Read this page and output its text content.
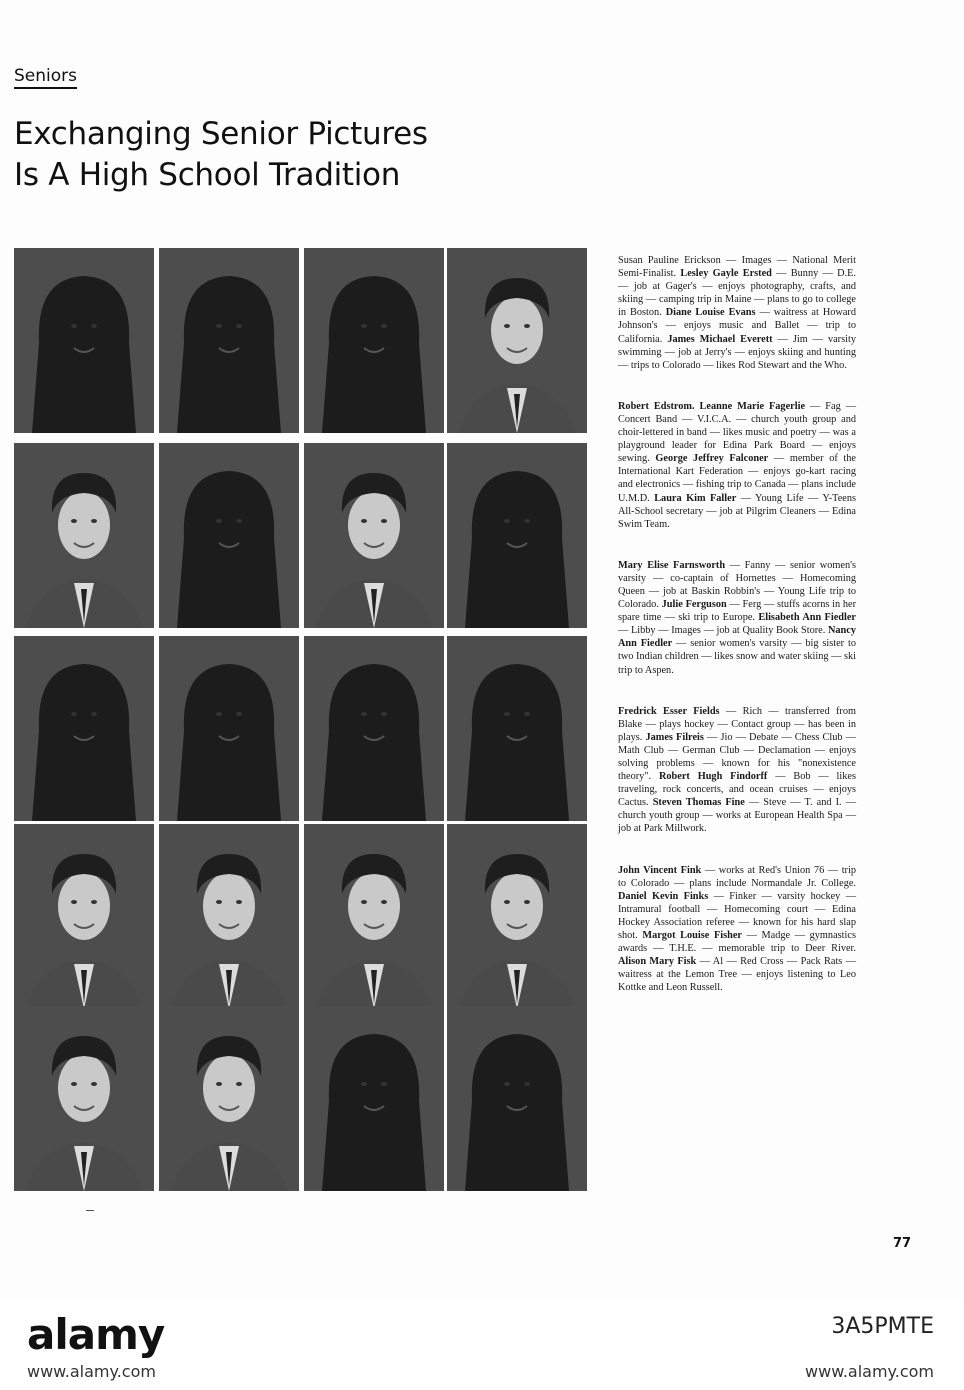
Seniors
Exchanging Senior Pictures Is A High School Tradition

Susan Pauline Erickson — Images — National Merit Semi-Finalist. Lesley Gayle Ersted — Bunny — D.E. — job at Gager's — enjoys photography, crafts, and skiing — camping trip in Maine — plans to go to college in Boston. Diane Louise Evans — waitress at Howard Johnson's — enjoys music and Ballet — trip to California. James Michael Everett — Jim — varsity swimming — job at Jerry's — enjoys skiing and hunting — trips to Colorado — likes Rod Stewart and the Who.

Robert Edstrom. Leanne Marie Fagerlie — Fag — Concert Band — V.I.C.A. — church youth group and choir-lettered in band — likes music and poetry — was a playground leader for Edina Park Board — enjoys sewing. George Jeffrey Falconer — member of the International Kart Federation — enjoys go-kart racing and electronics — fishing trip to Canada — plans include U.M.D. Laura Kim Faller — Young Life — Y-Teens All-School secretary — job at Pilgrim Cleaners — Edina Swim Team.

Mary Elise Farnsworth — Fanny — senior women's varsity — co-captain of Hornettes — Homecoming Queen — job at Baskin Robbin's — Young Life trip to Colorado. Julie Ferguson — Ferg — stuffs acorns in her spare time — ski trip to Europe. Elisabeth Ann Fiedler — Libby — Images — job at Quality Book Store. Nancy Ann Fiedler — senior women's varsity — big sister to two Indian children — likes snow and water skiing — ski trip to Aspen.

Fredrick Esser Fields — Rich — transferred from Blake — plays hockey — Contact group — has been in plays. James Filreis — Jio — Debate — Chess Club — Math Club — German Club — Declamation — enjoys solving problems — known for his "nonexistence theory". Robert Hugh Findorff — Bob — likes traveling, rock concerts, and ocean cruises — enjoys Cactus. Steven Thomas Fine — Steve — T. and I. — church youth group — works at European Health Spa — job at Park Millwork.

John Vincent Fink — works at Red's Union 76 — trip to Colorado — plans include Normandale Jr. College. Daniel Kevin Finks — Finker — varsity hockey — Intramural football — Homecoming court — Edina Hockey Association referee — known for his hard slap shot. Margot Louise Fisher — Madge — gymnastics awards — T.H.E. — memorable trip to Deer River. Alison Mary Fisk — Al — Red Cross — Pack Rats — waitress at the Lemon Tree — enjoys listening to Leo Kottke and Leon Russell.

77
alamy	3A5PMTE
www.alamy.com	www.alamy.com
